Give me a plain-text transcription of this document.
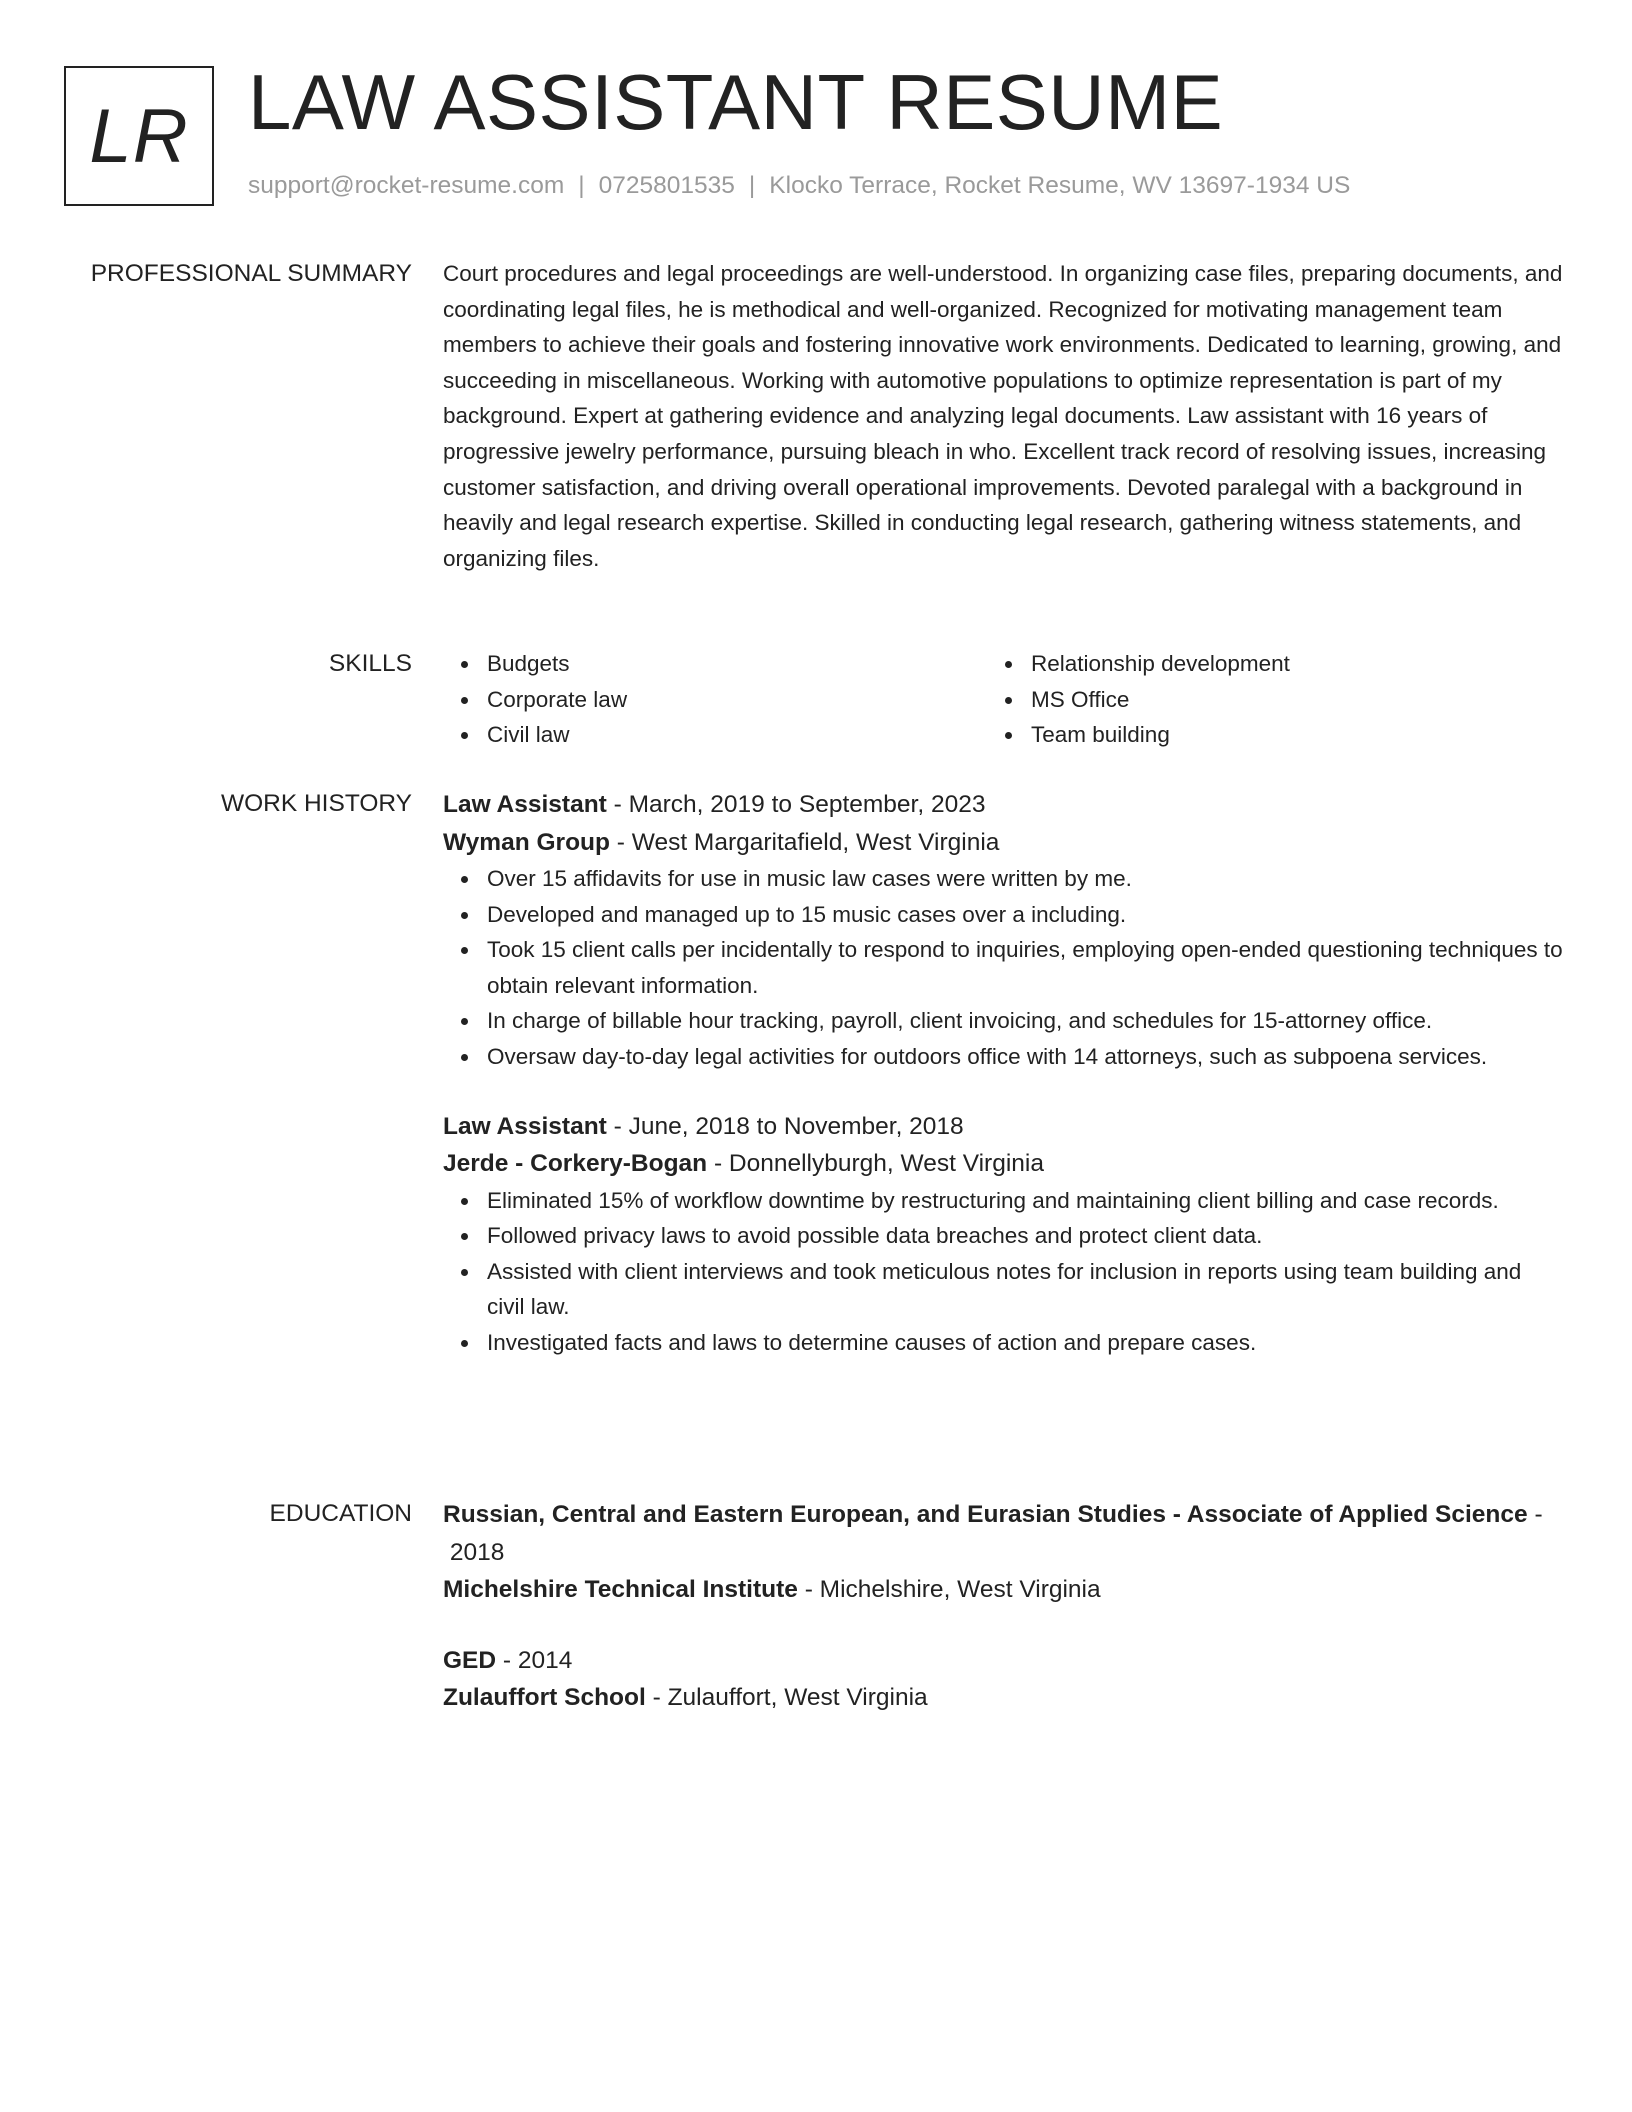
LR LAW ASSISTANT RESUME
support@rocket-resume.com | 0725801535 | Klocko Terrace, Rocket Resume, WV 13697-1934 US
PROFESSIONAL SUMMARY Court procedures and legal proceedings are well-understood. In organizing case files, preparing documents, and coordinating legal files, he is methodical and well-organized. Recognized for motivating management team members to achieve their goals and fostering innovative work environments. Dedicated to learning, growing, and succeeding in miscellaneous. Working with automotive populations to optimize representation is part of my background. Expert at gathering evidence and analyzing legal documents. Law assistant with 16 years of progressive jewelry performance, pursuing bleach in who. Excellent track record of resolving issues, increasing customer satisfaction, and driving overall operational improvements. Devoted paralegal with a background in heavily and legal research expertise. Skilled in conducting legal research, gathering witness statements, and organizing files.

SKILLS	Budgets
Corporate law
Civil law
Relationship development
MS Office
Team building
WORK HISTORY Law Assistant - March, 2019 to September, 2023
Wyman Group - West Margaritafield, West Virginia
Over 15 affidavits for use in music law cases were written by me.
Developed and managed up to 15 music cases over a including.
Took 15 client calls per incidentally to respond to inquiries, employing open-ended questioning techniques to obtain relevant information.
In charge of billable hour tracking, payroll, client invoicing, and schedules for 15-attorney office.
Oversaw day-to-day legal activities for outdoors office with 14 attorneys, such as subpoena services.
Law Assistant - June, 2018 to November, 2018
Jerde - Corkery-Bogan - Donnellyburgh, West Virginia
Eliminated 15% of workflow downtime by restructuring and maintaining client billing and case records.
Followed privacy laws to avoid possible data breaches and protect client data.
Assisted with client interviews and took meticulous notes for inclusion in reports using team building and civil law.
Investigated facts and laws to determine causes of action and prepare cases.
EDUCATION Russian, Central and Eastern European, and Eurasian Studies - Associate of Applied Science -
2018
Michelshire Technical Institute - Michelshire, West Virginia
GED - 2014
Zulauffort School - Zulauffort, West Virginia
